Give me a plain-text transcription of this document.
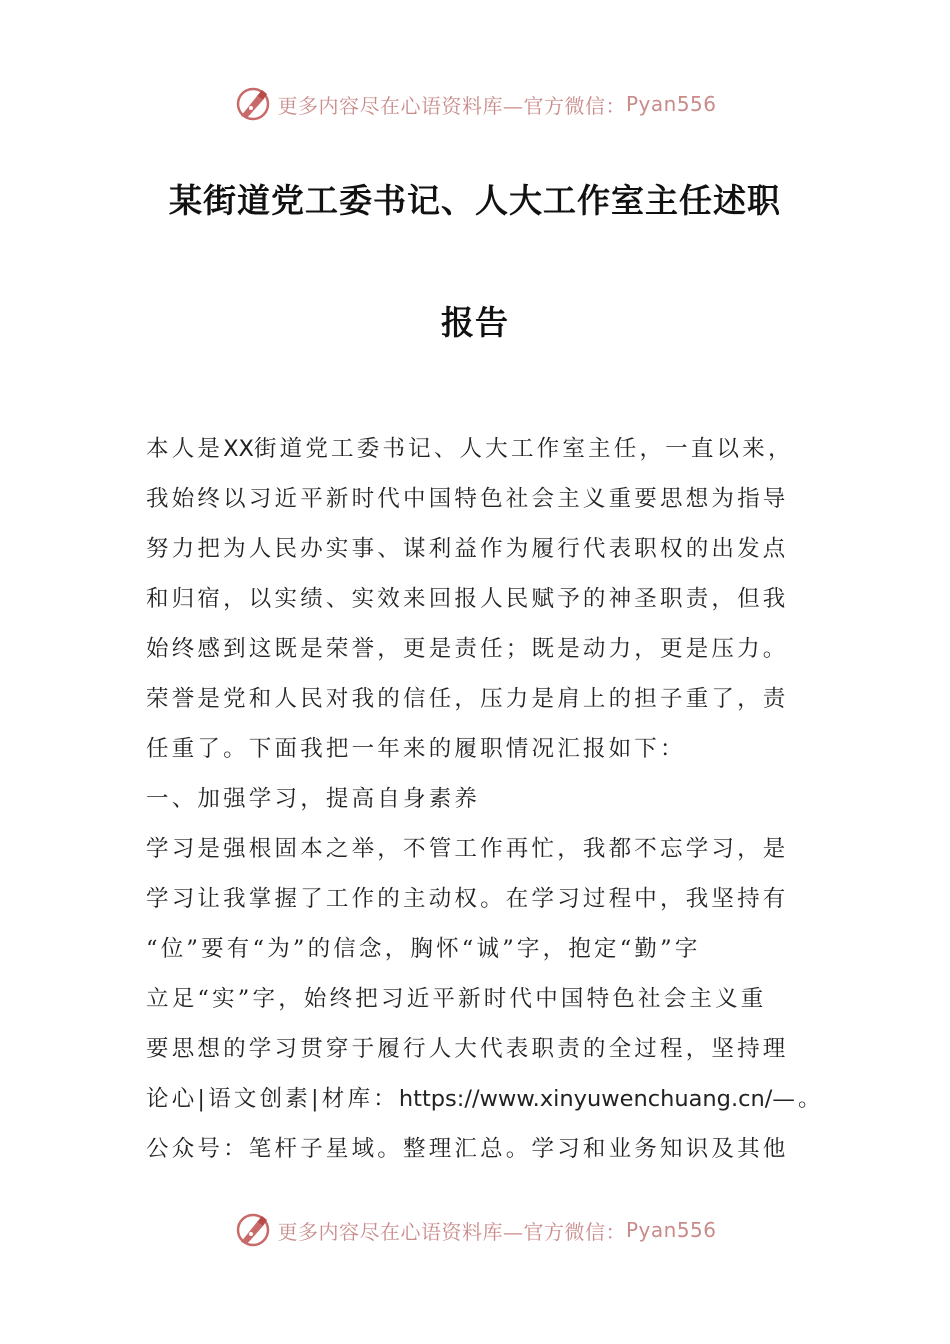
更多内容尽在心语资料库—官方微信： Pyan556
某街道党工委书记、人大工作室主任述职
报告
本人是XX街道党工委书记、人大工作室主任，一直以来，
我始终以习近平新时代中国特色社会主义重要思想为指导
努力把为人民办实事、谋利益作为履行代表职权的出发点
和归宿，以实绩、实效来回报人民赋予的神圣职责，但我
始终感到这既是荣誉，更是责任；既是动力，更是压力。
荣誉是党和人民对我的信任，压力是肩上的担子重了，责
任重了。下面我把一年来的履职情况汇报如下：
一、加强学习，提高自身素养
学习是强根固本之举，不管工作再忙，我都不忘学习，是
学习让我掌握了工作的主动权。在学习过程中，我坚持有
“位”要有“为”的信念，胸怀“诚”字，抱定“勤”字
立足“实”字，始终把习近平新时代中国特色社会主义重
要思想的学习贯穿于履行人大代表职责的全过程，坚持理
论心|语文创素|材库：https://www.xinyuwenchuang.cn/—。
公众号：笔杆子星域。整理汇总。学习和业务知识及其他
更多内容尽在心语资料库—官方微信： Pyan556
